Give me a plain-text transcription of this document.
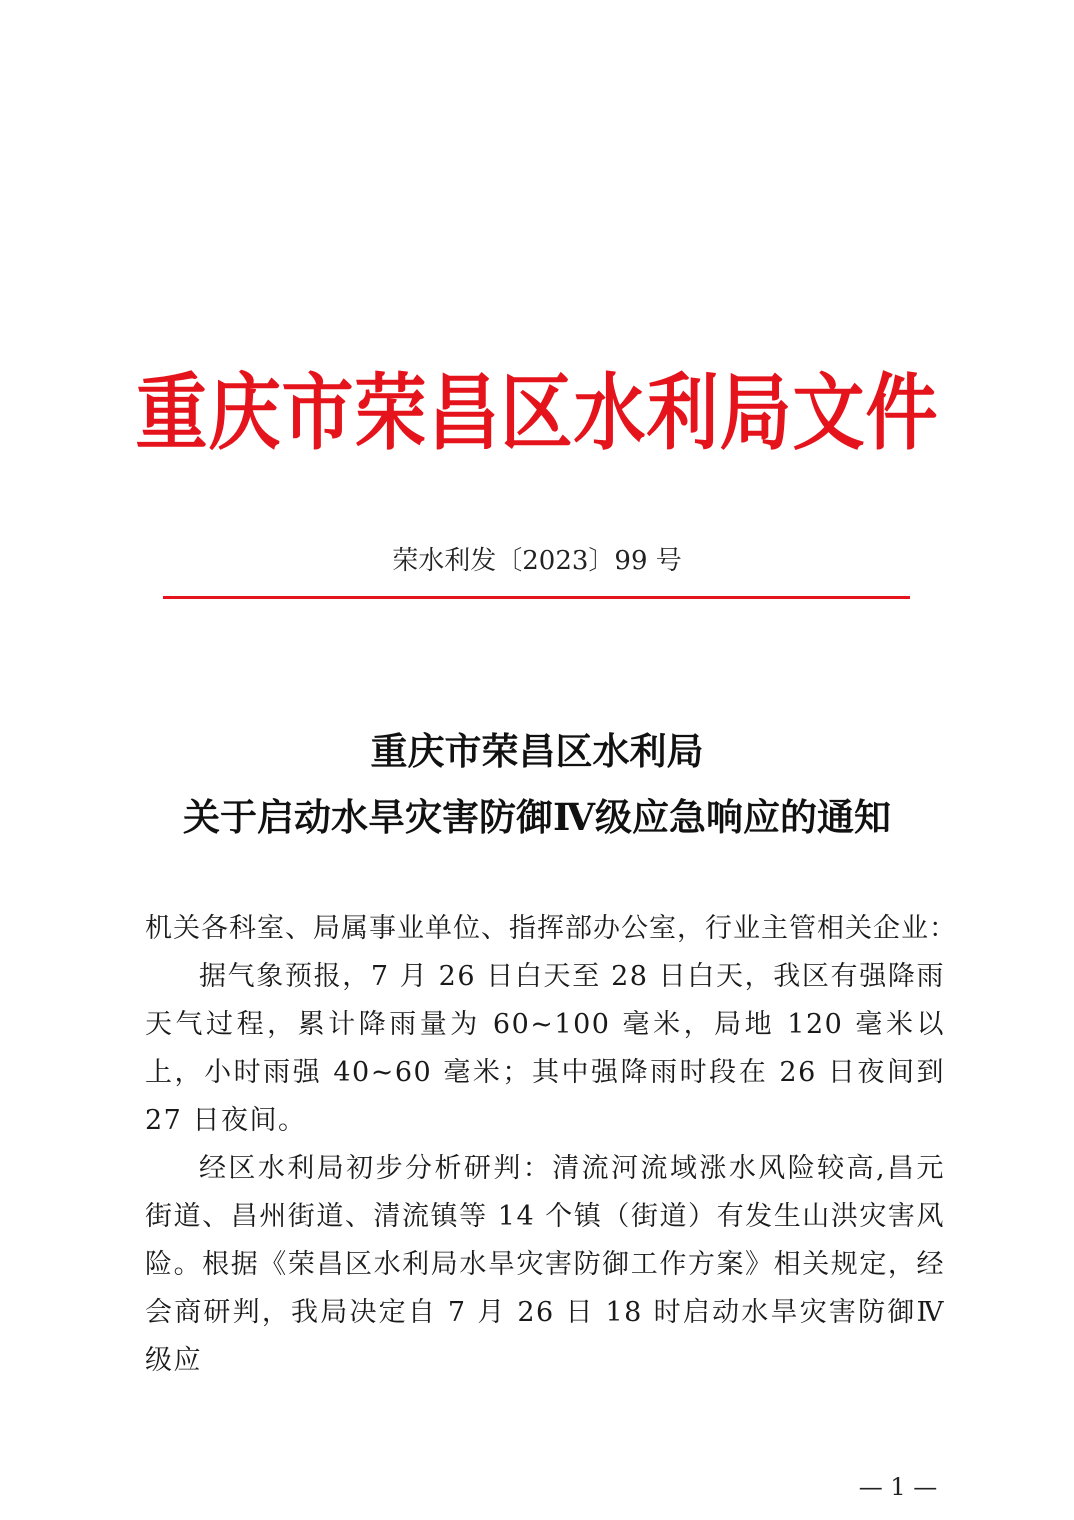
重庆市荣昌区水利局文件
荣水利发〔2023〕99 号
重庆市荣昌区水利局
关于启动水旱灾害防御Ⅳ级应急响应的通知

机关各科室、局属事业单位、指挥部办公室，行业主管相关企业：

据气象预报，7 月 26 日白天至 28 日白天，我区有强降雨天气过程，累计降雨量为 60~100 毫米，局地 120 毫米以上，小时雨强 40~60 毫米；其中强降雨时段在 26 日夜间到 27 日夜间。

经区水利局初步分析研判：清流河流域涨水风险较高,昌元街道、昌州街道、清流镇等 14 个镇（街道）有发生山洪灾害风险。根据《荣昌区水利局水旱灾害防御工作方案》相关规定，经会商研判，我局决定自 7 月 26 日 18 时启动水旱灾害防御Ⅳ级应

— 1 —
